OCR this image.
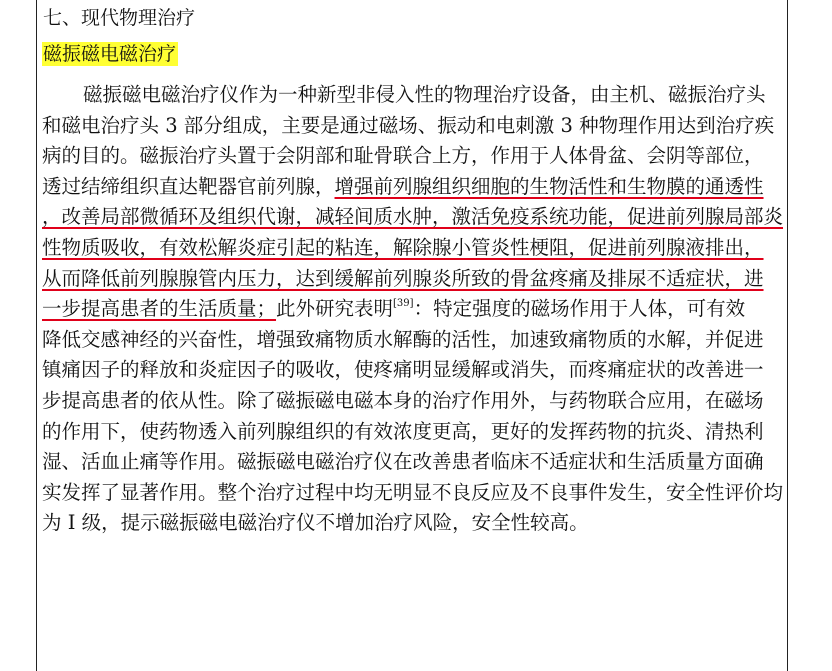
七、现代物理治疗
磁振磁电磁治疗
磁振磁电磁治疗仪作为一种新型非侵入性的物理治疗设备，由主机、磁振治疗头
和磁电治疗头 3 部分组成，主要是通过磁场、振动和电刺激 3 种物理作用达到治疗疾
病的目的。磁振治疗头置于会阴部和耻骨联合上方，作用于人体骨盆、会阴等部位，
透过结缔组织直达靶器官前列腺，增强前列腺组织细胞的生物活性和生物膜的通透性
，改善局部微循环及组织代谢，减轻间质水肿，激活免疫系统功能，促进前列腺局部炎
性物质吸收，有效松解炎症引起的粘连，解除腺小管炎性梗阻，促进前列腺液排出，
从而降低前列腺腺管内压力，达到缓解前列腺炎所致的骨盆疼痛及排尿不适症状，进
一步提高患者的生活质量；此外研究表明[39]：特定强度的磁场作用于人体，可有效
降低交感神经的兴奋性，增强致痛物质水解酶的活性，加速致痛物质的水解，并促进
镇痛因子的释放和炎症因子的吸收，使疼痛明显缓解或消失，而疼痛症状的改善进一
步提高患者的依从性。除了磁振磁电磁本身的治疗作用外，与药物联合应用，在磁场
的作用下，使药物透入前列腺组织的有效浓度更高，更好的发挥药物的抗炎、清热利
湿、活血止痛等作用。磁振磁电磁治疗仪在改善患者临床不适症状和生活质量方面确
实发挥了显著作用。整个治疗过程中均无明显不良反应及不良事件发生，安全性评价均
为 I 级，提示磁振磁电磁治疗仪不增加治疗风险，安全性较高。
